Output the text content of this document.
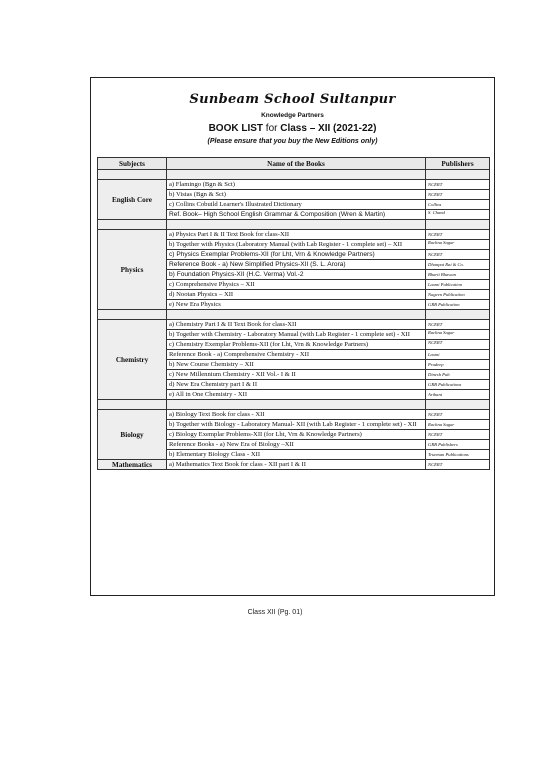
Sunbeam School Sultanpur
Knowledge Partners
BOOK LIST for Class – XII (2021-22)
(Please ensure that you buy the New Editions only)
Subjects	Name of the Books	Publishers

English Core	a) Flamingo (Bgn & Sct)	NCERT
	b) Vistas (Bgn & Sct)	NCERT
	c) Collins Cobuild Learner's Illustrated Dictionary	Collins
	Ref. Book– High School English Grammar & Composition (Wren & Martin)	S. Chand

Physics	a) Physics Part I & II Text Book for class-XII	NCERT
	b) Together with Physics (Laboratory Manual (with Lab Register - 1 complete set) – XII	Rachna Sagar
	c) Physics Exemplar Problems-XII (for Lht, Vrn & Knowledge Partners)	NCERT
	Reference Book - a) New Simplified Physics-XII (S. L. Arora)	Dhanpat Rai & Co.
	b) Foundation Physics-XII (H.C. Verma) Vol.-2	Bharti Bhawan
	c) Comprehensive Physics – XII	Laxmi Publication
	d) Nootan Physics – XII	Nageen Publication
	e) New Era Physics	GRB Publication

Chemistry	a) Chemistry Part I & II Text Book for class-XII	NCERT
	b) Together with Chemistry - Laboratory Manual (with Lab Register - 1 complete set) - XII	Rachna Sagar
	c) Chemistry Exemplar Problems-XII (for Lht, Vrn & Knowledge Partners)	NCERT
	Reference Book - a) Comprehensive Chemistry - XII	Laxmi
	b) New Course Chemistry – XII	Pradeep
	c) New Millennium Chemistry - XII Vol.- I & II	Dinesh Pub
	d) New Era Chemistry part I & II	GRB Publications
	e) All in One Chemistry - XII	Arihant

Biology	a) Biology Text Book for class - XII	NCERT
	b) Together with Biology - Laboratory Manual- XII (with Lab Register - 1 complete set) - XII	Rachna Sagar
	c) Biology Exemplar Problems-XII (for Lht, Vrn & Knowledge Partners)	NCERT
	Reference Books - a) New Era of Biology –XII	GRB Publishers
	b) Elementary Biology Class - XII	Trueman Publications
Mathematics	a) Mathematics Text Book for class - XII part I & II	NCERT
Class XII (Pg. 01)
